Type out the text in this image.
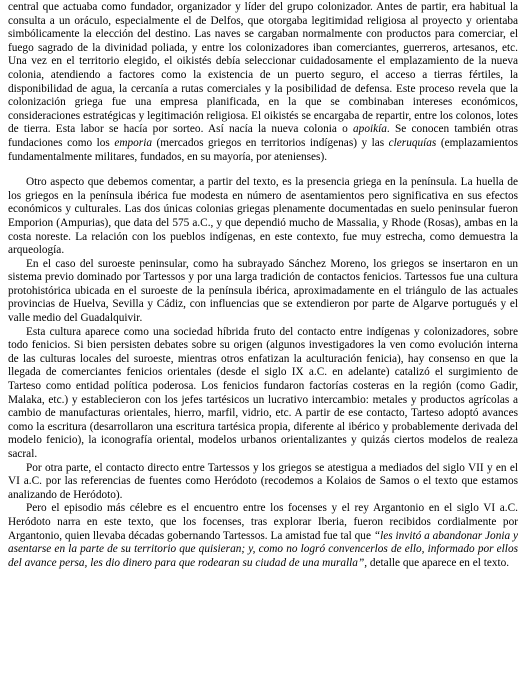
central que actuaba como fundador, organizador y líder del grupo colonizador. Antes de partir, era habitual la consulta a un oráculo, especialmente el de Delfos, que otorgaba legitimidad religiosa al proyecto y orientaba simbólicamente la elección del destino. Las naves se cargaban normalmente con productos para comerciar, el fuego sagrado de la divinidad poliada, y entre los colonizadores iban comerciantes, guerreros, artesanos, etc. Una vez en el territorio elegido, el oikistés debía seleccionar cuidadosamente el emplazamiento de la nueva colonia, atendiendo a factores como la existencia de un puerto seguro, el acceso a tierras fértiles, la disponibilidad de agua, la cercanía a rutas comerciales y la posibilidad de defensa. Este proceso revela que la colonización griega fue una empresa planificada, en la que se combinaban intereses económicos, consideraciones estratégicas y legitimación religiosa. El oikistés se encargaba de repartir, entre los colonos, lotes de tierra. Esta labor se hacía por sorteo. Así nacía la nueva colonia o apoikía. Se conocen también otras fundaciones como los emporia (mercados griegos en territorios indígenas) y las cleruquías (emplazamientos fundamentalmente militares, fundados, en su mayoría, por atenienses).

Otro aspecto que debemos comentar, a partir del texto, es la presencia griega en la península. La huella de los griegos en la península ibérica fue modesta en número de asentamientos pero significativa en sus efectos económicos y culturales. Las dos únicas colonias griegas plenamente documentadas en suelo peninsular fueron Emporion (Ampurias), que data del 575 a.C., y que dependió mucho de Massalia, y Rhode (Rosas), ambas en la costa noreste. La relación con los pueblos indígenas, en este contexto, fue muy estrecha, como demuestra la arqueología.

En el caso del suroeste peninsular, como ha subrayado Sánchez Moreno, los griegos se insertaron en un sistema previo dominado por Tartessos y por una larga tradición de contactos fenicios. Tartessos fue una cultura protohistórica ubicada en el suroeste de la península ibérica, aproximadamente en el triángulo de las actuales provincias de Huelva, Sevilla y Cádiz, con influencias que se extendieron por parte de Algarve portugués y el valle medio del Guadalquivir.

Esta cultura aparece como una sociedad híbrida fruto del contacto entre indígenas y colonizadores, sobre todo fenicios. Si bien persisten debates sobre su origen (algunos investigadores la ven como evolución interna de las culturas locales del suroeste, mientras otros enfatizan la aculturación fenicia), hay consenso en que la llegada de comerciantes fenicios orientales (desde el siglo IX a.C. en adelante) catalizó el surgimiento de Tarteso como entidad política poderosa. Los fenicios fundaron factorías costeras en la región (como Gadir, Malaka, etc.) y establecieron con los jefes tartésicos un lucrativo intercambio: metales y productos agrícolas a cambio de manufacturas orientales, hierro, marfil, vidrio, etc. A partir de ese contacto, Tarteso adoptó avances como la escritura (desarrollaron una escritura tartésica propia, diferente al ibérico y probablemente derivada del modelo fenicio), la iconografía oriental, modelos urbanos orientalizantes y quizás ciertos modelos de realeza sacral.

Por otra parte, el contacto directo entre Tartessos y los griegos se atestigua a mediados del siglo VII y en el VI a.C. por las referencias de fuentes como Heródoto (recodemos a Kolaios de Samos o el texto que estamos analizando de Heródoto).

Pero el episodio más célebre es el encuentro entre los focenses y el rey Argantonio en el siglo VI a.C. Heródoto narra en este texto, que los focenses, tras explorar Iberia, fueron recibidos cordialmente por Argantonio, quien llevaba décadas gobernando Tartessos. La amistad fue tal que “les invitó a abandonar Jonia y asentarse en la parte de su territorio que quisieran; y, como no logró convencerlos de ello, informado por ellos del avance persa, les dio dinero para que rodearan su ciudad de una muralla”, detalle que aparece en el texto.
